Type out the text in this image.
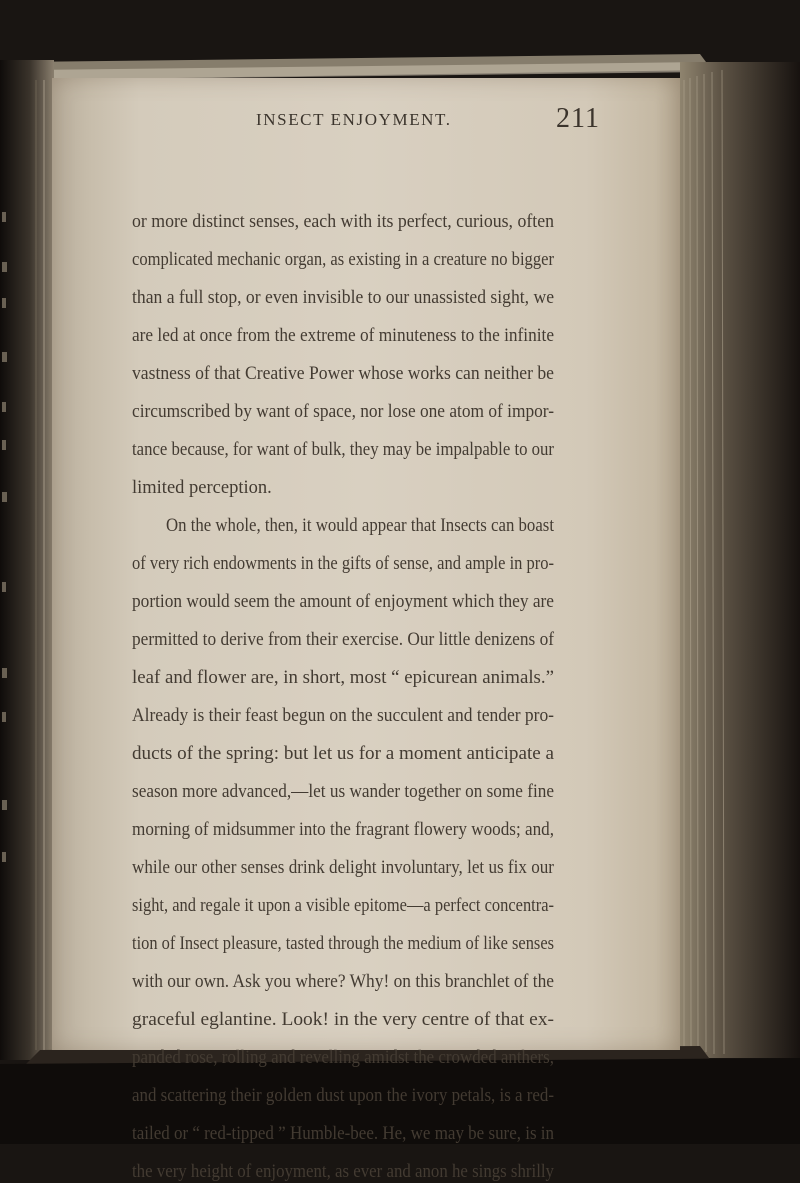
INSECT ENJOYMENT.	211
or more distinct senses, each with its perfect, curious, often
complicated mechanic organ, as existing in a creature no bigger
than a full stop, or even invisible to our unassisted sight, we
are led at once from the extreme of minuteness to the infinite
vastness of that Creative Power whose works can neither be
circumscribed by want of space, nor lose one atom of impor-
tance because, for want of bulk, they may be impalpable to our
limited perception.
On the whole, then, it would appear that Insects can boast
of very rich endowments in the gifts of sense, and ample in pro-
portion would seem the amount of enjoyment which they are
permitted to derive from their exercise. Our little denizens of
leaf and flower are, in short, most “ epicurean animals.”
Already is their feast begun on the succulent and tender pro-
ducts of the spring: but let us for a moment anticipate a
season more advanced,—let us wander together on some fine
morning of midsummer into the fragrant flowery woods; and,
while our other senses drink delight involuntary, let us fix our
sight, and regale it upon a visible epitome—a perfect concentra-
tion of Insect pleasure, tasted through the medium of like senses
with our own. Ask you where? Why! on this branchlet of the
graceful eglantine. Look! in the very centre of that ex-
panded rose, rolling and revelling amidst the crowded anthers,
and scattering their golden dust upon the ivory petals, is a red-
tailed or “ red-tipped ” Humble-bee. He, we may be sure, is in
the very height of enjoyment, as ever and anon he sings shrilly
